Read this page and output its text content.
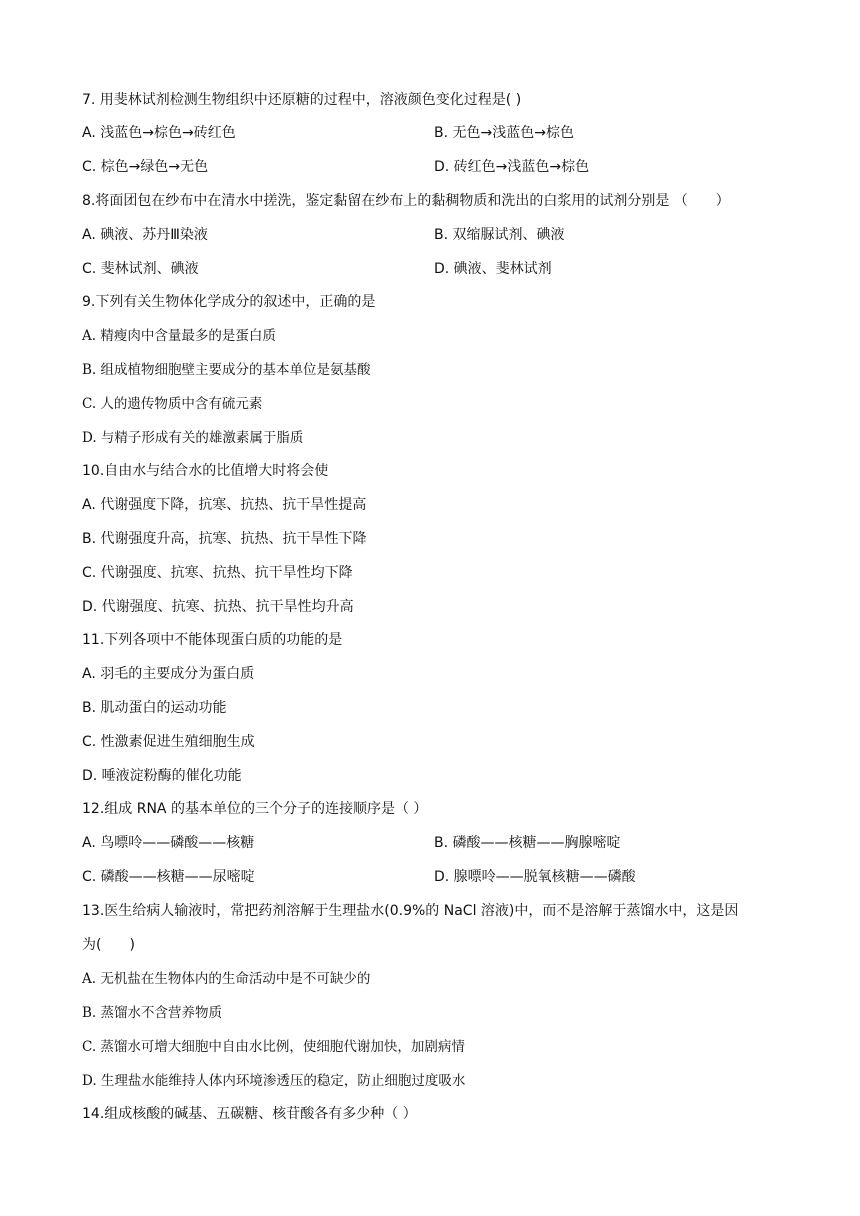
7. 用斐林试剂检测生物组织中还原糖的过程中，溶液颜色变化过程是( )
A. 浅蓝色→棕色→砖红色	B. 无色→浅蓝色→棕色
C. 棕色→绿色→无色	D. 砖红色→浅蓝色→棕色
8.将面团包在纱布中在清水中搓洗，鉴定黏留在纱布上的黏稠物质和洗出的白浆用的试剂分别是 （　　）
A. 碘液、苏丹Ⅲ染液	B. 双缩脲试剂、碘液
C. 斐林试剂、碘液	D. 碘液、斐林试剂
9.下列有关生物体化学成分的叙述中，正确的是
A. 精瘦肉中含量最多的是蛋白质
B. 组成植物细胞壁主要成分的基本单位是氨基酸
C. 人的遗传物质中含有硫元素
D. 与精子形成有关的雄激素属于脂质
10.自由水与结合水的比值增大时将会使
A. 代谢强度下降，抗寒、抗热、抗干旱性提高
B. 代谢强度升高，抗寒、抗热、抗干旱性下降
C. 代谢强度、抗寒、抗热、抗干旱性均下降
D. 代谢强度、抗寒、抗热、抗干旱性均升高
11.下列各项中不能体现蛋白质的功能的是
A. 羽毛的主要成分为蛋白质
B. 肌动蛋白的运动功能
C. 性激素促进生殖细胞生成
D. 唾液淀粉酶的催化功能
12.组成 RNA 的基本单位的三个分子的连接顺序是（ ）
A. 鸟嘌呤——磷酸——核糖	B. 磷酸——核糖——胸腺嘧啶
C. 磷酸——核糖——尿嘧啶	D. 腺嘌呤——脱氧核糖——磷酸
13.医生给病人输液时，常把药剂溶解于生理盐水(0.9%的 NaCl 溶液)中，而不是溶解于蒸馏水中，这是因
为(　　)
A. 无机盐在生物体内的生命活动中是不可缺少的
B. 蒸馏水不含营养物质
C. 蒸馏水可增大细胞中自由水比例，使细胞代谢加快，加剧病情
D. 生理盐水能维持人体内环境渗透压的稳定，防止细胞过度吸水
14.组成核酸的碱基、五碳糖、核苷酸各有多少种（ ）
